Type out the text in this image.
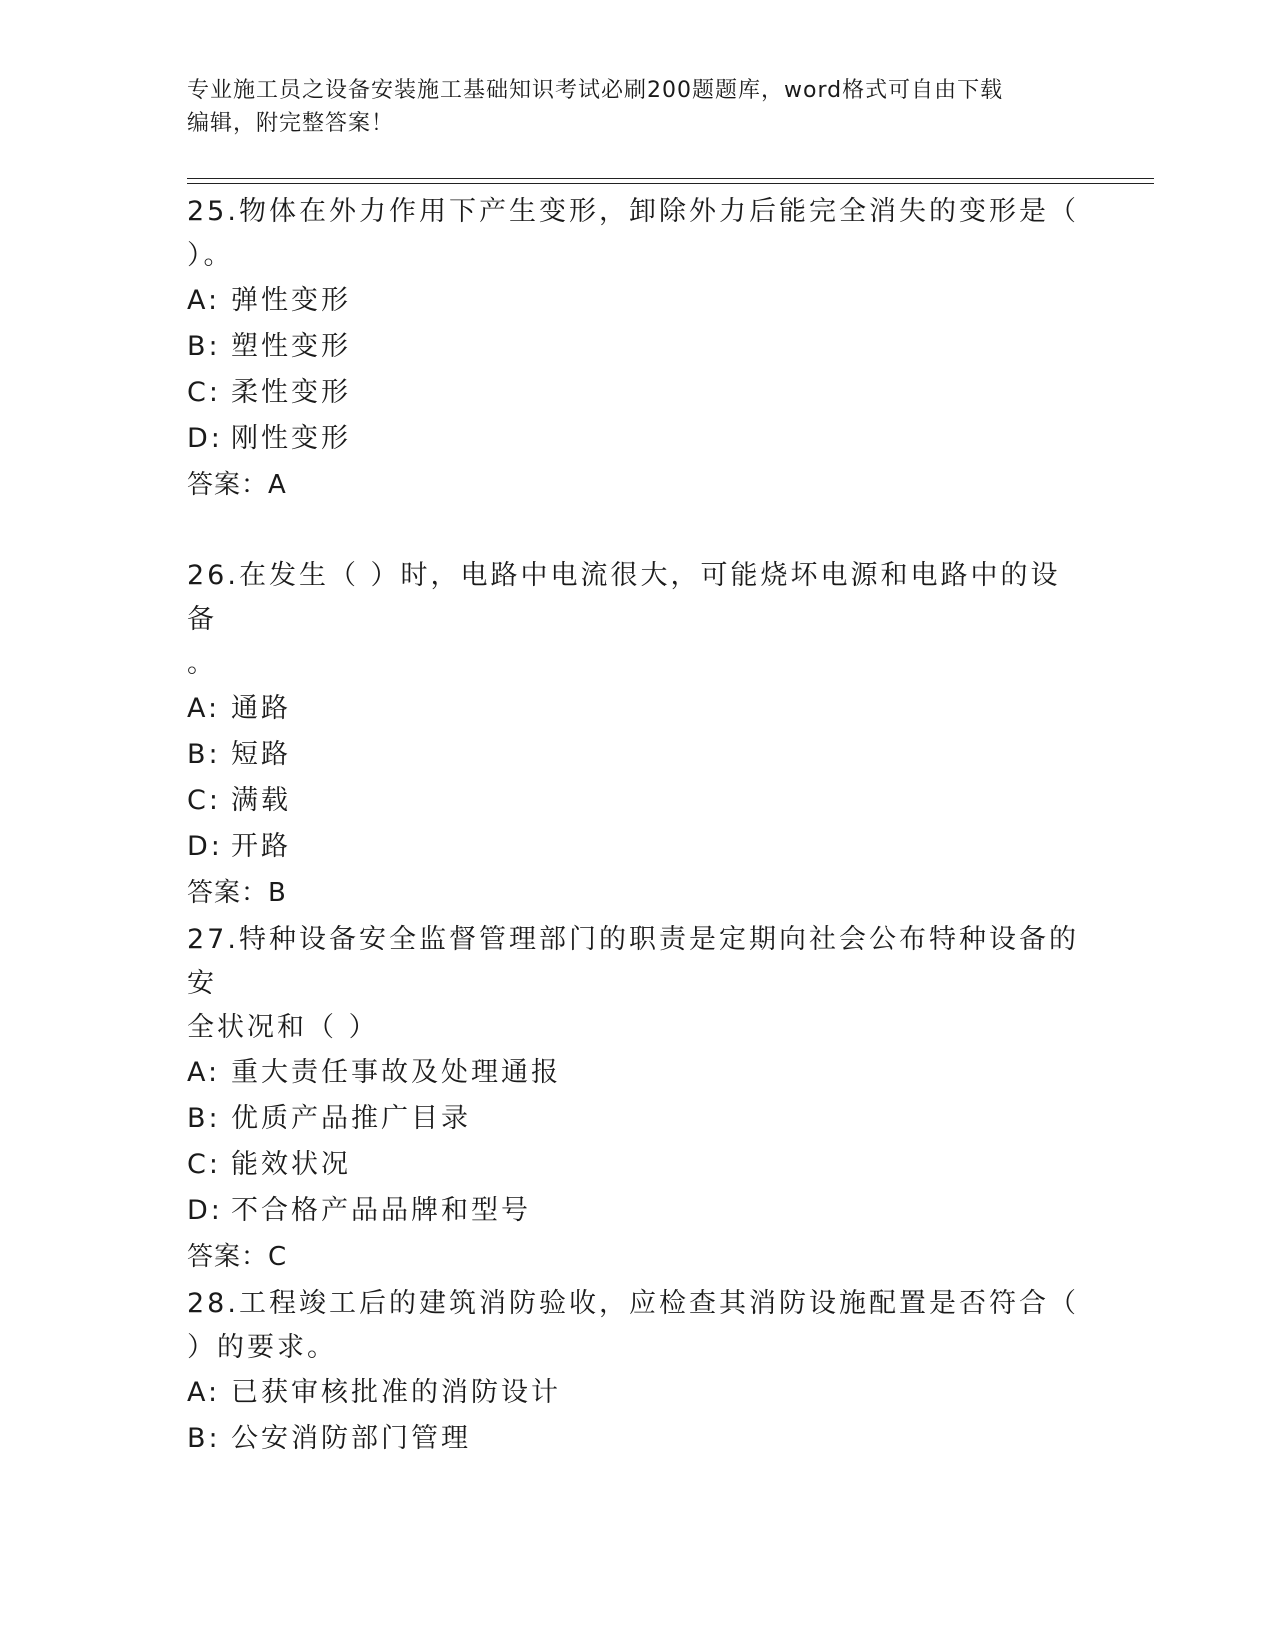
专业施工员之设备安装施工基础知识考试必刷200题题库，word格式可自由下载
编辑，附完整答案！
25.物体在外力作用下产生变形，卸除外力后能完全消失的变形是（
）。
A: 弹性变形
B: 塑性变形
C: 柔性变形
D: 刚性变形
答案：A
26.在发生（ ）时，电路中电流很大，可能烧坏电源和电路中的设备
。
A: 通路
B: 短路
C: 满载
D: 开路
答案：B
27.特种设备安全监督管理部门的职责是定期向社会公布特种设备的安
全状况和（ ）
A: 重大责任事故及处理通报
B: 优质产品推广目录
C: 能效状况
D: 不合格产品品牌和型号
答案：C
28.工程竣工后的建筑消防验收，应检查其消防设施配置是否符合（
）的要求。
A: 已获审核批准的消防设计
B: 公安消防部门管理
